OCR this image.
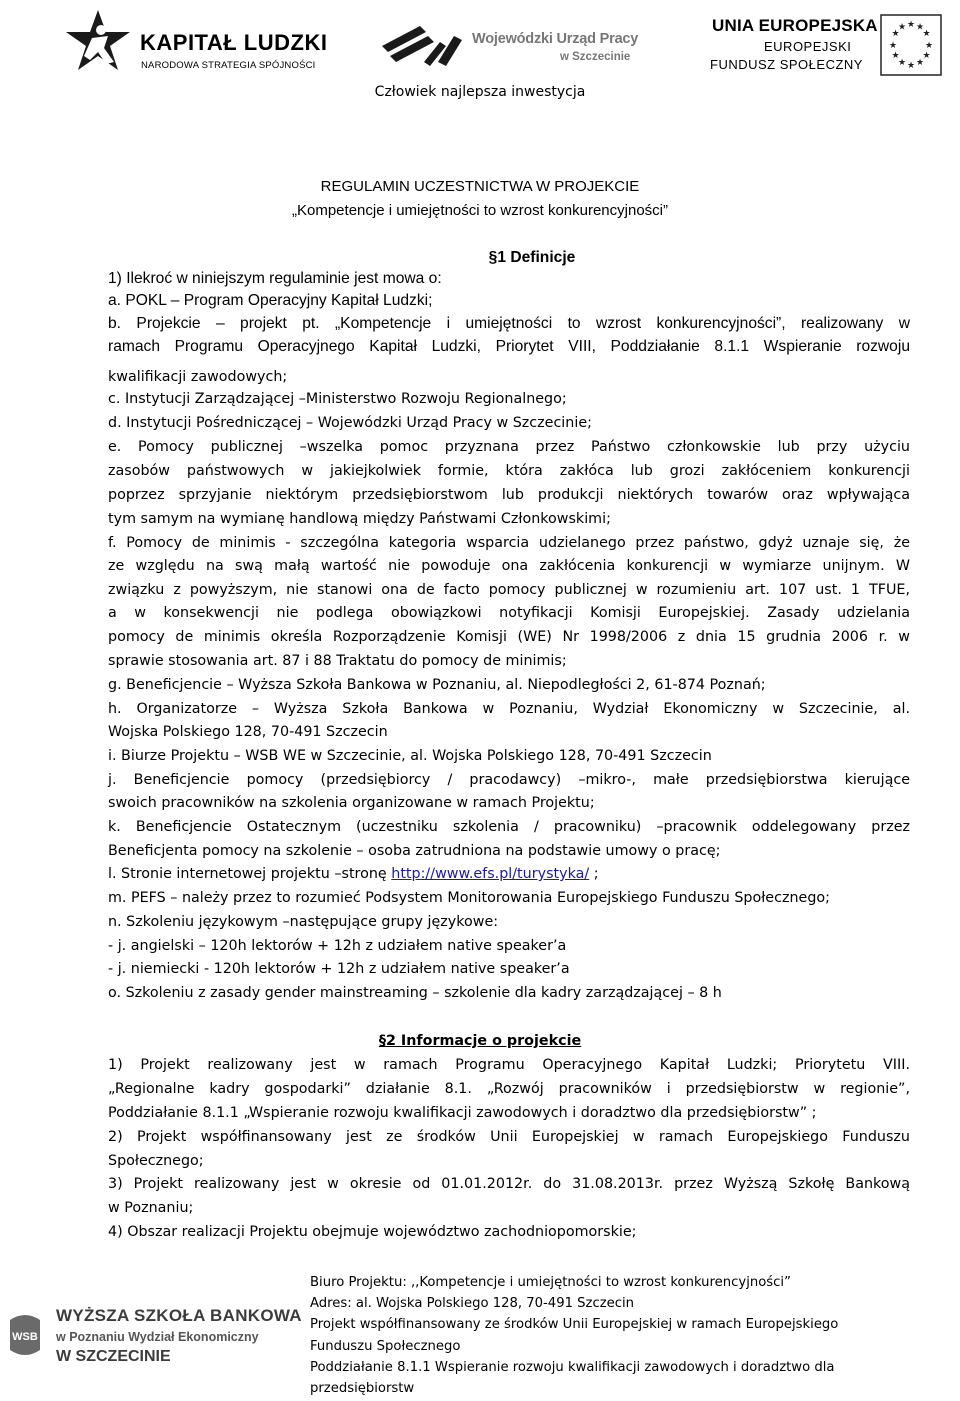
KAPITAŁ LUDZKI
NARODOWA STRATEGIA SPÓJNOŚCI
Wojewódzki Urząd Pracy
w Szczecinie
UNIA EUROPEJSKA
EUROPEJSKI
FUNDUSZ SPOŁECZNY
★ ★
★
★
★
★
★
★
★
★
★
★
Człowiek najlepsza inwestycja
REGULAMIN UCZESTNICTWA W PROJEKCIE
„Kompetencje i umiejętności to wzrost konkurencyjności”
§1 Definicje
1) Ilekroć w niniejszym regulaminie jest mowa o:
a. POKL – Program Operacyjny Kapitał Ludzki;
b. Projekcie – projekt pt. „Kompetencje i umiejętności to wzrost konkurencyjności”, realizowany w
ramach Programu Operacyjnego Kapitał Ludzki, Priorytet VIII, Poddziałanie 8.1.1 Wspieranie rozwoju
kwalifikacji zawodowych;
c. Instytucji Zarządzającej –Ministerstwo Rozwoju Regionalnego;
d. Instytucji Pośredniczącej – Wojewódzki Urząd Pracy w Szczecinie;
e. Pomocy publicznej –wszelka pomoc przyznana przez Państwo członkowskie lub przy użyciu
zasobów państwowych w jakiejkolwiek formie, która zakłóca lub grozi zakłóceniem konkurencji
poprzez sprzyjanie niektórym przedsiębiorstwom lub produkcji niektórych towarów oraz wpływająca
tym samym na wymianę handlową między Państwami Członkowskimi;
f. Pomocy de minimis - szczególna kategoria wsparcia udzielanego przez państwo, gdyż uznaje się, że
ze względu na swą małą wartość nie powoduje ona zakłócenia konkurencji w wymiarze unijnym. W
związku z powyższym, nie stanowi ona de facto pomocy publicznej w rozumieniu art. 107 ust. 1 TFUE,
a w konsekwencji nie podlega obowiązkowi notyfikacji Komisji Europejskiej. Zasady udzielania
pomocy de minimis określa Rozporządzenie Komisji (WE) Nr 1998/2006 z dnia 15 grudnia 2006 r. w
sprawie stosowania art. 87 i 88 Traktatu do pomocy de minimis;
g. Beneficjencie – Wyższa Szkoła Bankowa w Poznaniu, al. Niepodległości 2, 61-874 Poznań;
h. Organizatorze – Wyższa Szkoła Bankowa w Poznaniu, Wydział Ekonomiczny w Szczecinie, al.
Wojska Polskiego 128, 70-491 Szczecin
i. Biurze Projektu – WSB WE w Szczecinie, al. Wojska Polskiego 128, 70-491 Szczecin
j. Beneficjencie pomocy (przedsiębiorcy / pracodawcy) –mikro-, małe przedsiębiorstwa kierujące
swoich pracowników na szkolenia organizowane w ramach Projektu;
k. Beneficjencie Ostatecznym (uczestniku szkolenia / pracowniku) –pracownik oddelegowany przez
Beneficjenta pomocy na szkolenie – osoba zatrudniona na podstawie umowy o pracę;
l. Stronie internetowej projektu –stronę http://www.efs.pl/turystyka/ ;
m. PEFS – należy przez to rozumieć Podsystem Monitorowania Europejskiego Funduszu Społecznego;
n. Szkoleniu językowym –następujące grupy językowe:
- j. angielski – 120h lektorów + 12h z udziałem native speaker’a
- j. niemiecki - 120h lektorów + 12h z udziałem native speaker’a
o. Szkoleniu z zasady gender mainstreaming – szkolenie dla kadry zarządzającej – 8 h
§2 Informacje o projekcie
1) Projekt realizowany jest w ramach Programu Operacyjnego Kapitał Ludzki; Priorytetu VIII.
„Regionalne kadry gospodarki” działanie 8.1. „Rozwój pracowników i przedsiębiorstw w regionie”,
Poddziałanie 8.1.1 „Wspieranie rozwoju kwalifikacji zawodowych i doradztwo dla przedsiębiorstw” ;
2) Projekt współfinansowany jest ze środków Unii Europejskiej w ramach Europejskiego Funduszu
Społecznego;
3) Projekt realizowany jest w okresie od 01.01.2012r. do 31.08.2013r. przez Wyższą Szkołę Bankową
w Poznaniu;
4) Obszar realizacji Projektu obejmuje województwo zachodniopomorskie;
WSB
WYŻSZA SZKOŁA BANKOWA
w Poznaniu Wydział Ekonomiczny
W SZCZECINIE
Biuro Projektu: ,,Kompetencje i umiejętności to wzrost konkurencyjności”
Adres: al. Wojska Polskiego 128, 70-491 Szczecin
Projekt współfinansowany ze środków Unii Europejskiej w ramach Europejskiego
Funduszu Społecznego
Poddziałanie 8.1.1 Wspieranie rozwoju kwalifikacji zawodowych i doradztwo dla
przedsiębiorstw
